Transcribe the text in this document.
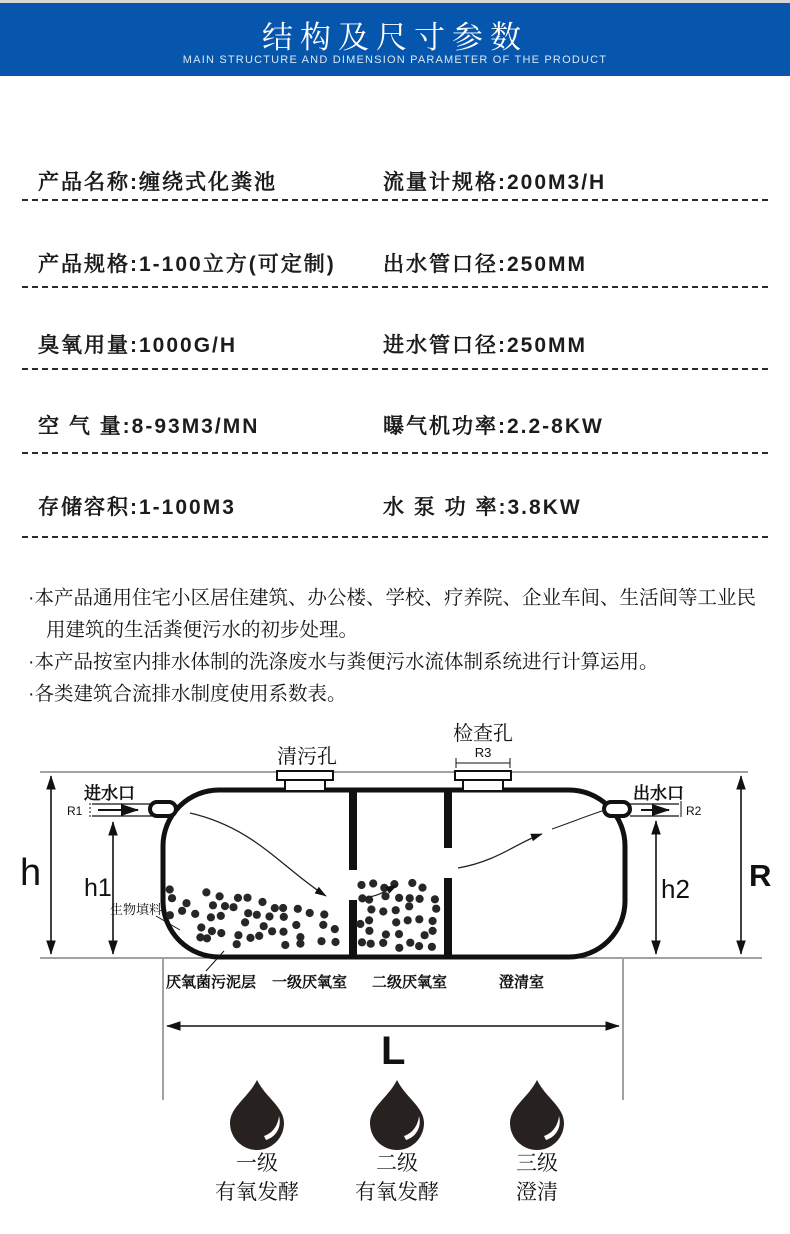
结构及尺寸参数
MAIN STRUCTURE AND DIMENSION PARAMETER OF THE PRODUCT
产品名称:缠绕式化粪池	流量计规格:200M3/H
产品规格:1-100立方(可定制) 出水管口径:250MM
臭氧用量:1000G/H	进水管口径:250MM
空 气 量:8-93M3/MN	曝气机功率:2.2-8KW
存储容积:1-100M3	水 泵 功 率:3.8KW

·本产品通用住宅小区居住建筑、办公楼、学校、疗养院、企业车间、生活间等工业民用建筑的生活粪便污水的初步处理。

·本产品按室内排水体制的洗涤废水与粪便污水流体制系统进行计算运用。

·各类建筑合流排水制度使用系数表。

h h1	h2 R
清污孔
检查孔
R3
进水口
R1
出水口
R2
生物填料
厌氧菌污泥层 一级厌氧室 二级厌氧室	澄清室
L
一级
有氧发酵
二级
有氧发酵
三级
澄清
